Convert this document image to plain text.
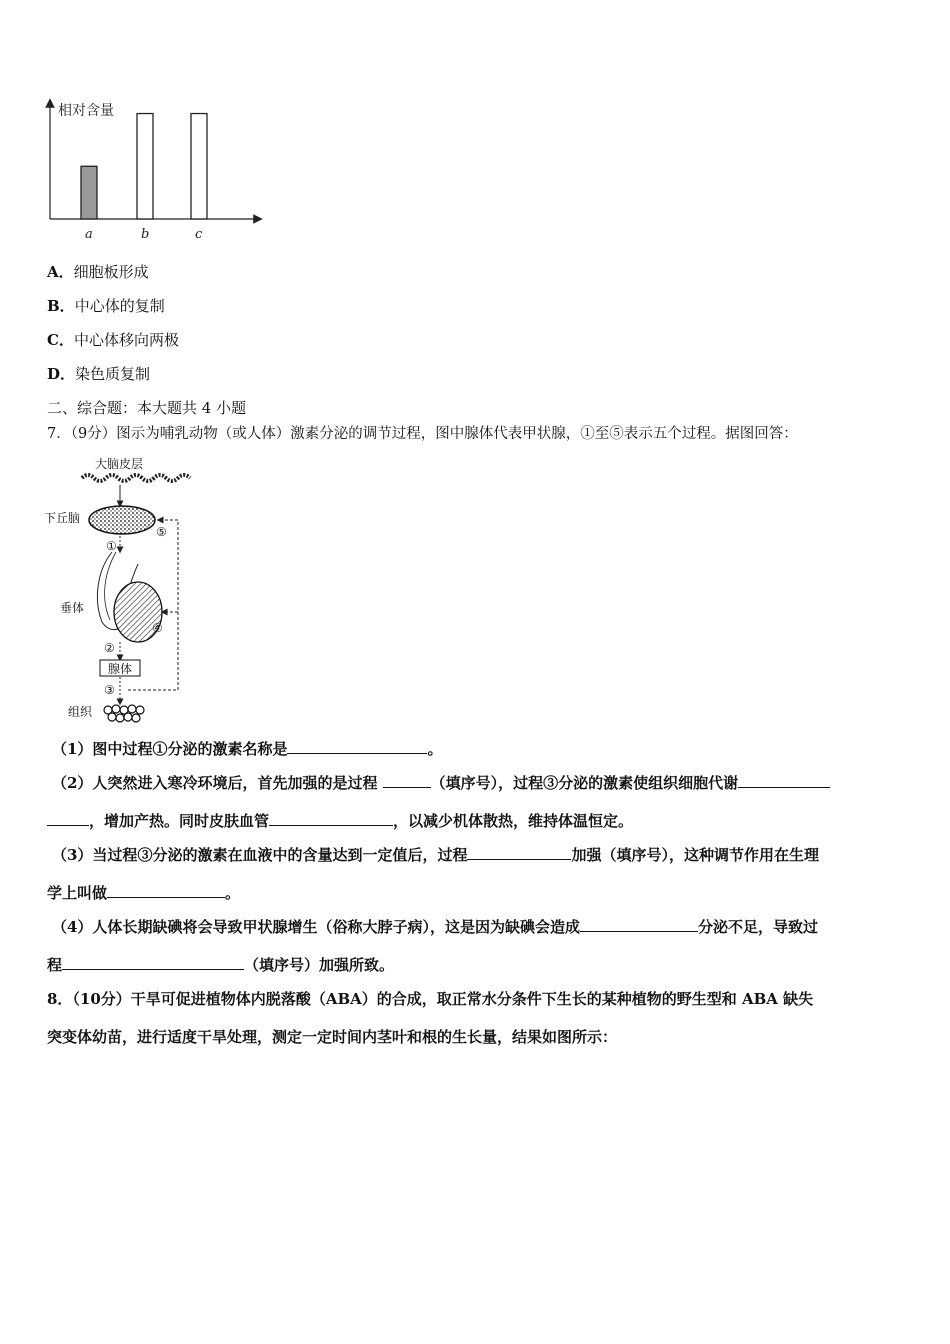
相对含量
a	b	c
A．细胞板形成
B．中心体的复制
C．中心体移向两极
D．染色质复制
二、综合题：本大题共 4 小题
7．（9分）图示为哺乳动物（或人体）激素分泌的调节过程，图中腺体代表甲状腺，①至⑤表示五个过程。据图回答：
大脑皮层
下丘脑
①
垂体
②
腺体
③
组织
⑤
④
（1）图中过程①分泌的激素名称是	。
（2）人突然进入寒冷环境后，首先加强的是过程	（填序号），过程③分泌的激素使组织细胞代谢
，增加产热。同时皮肤血管	，以减少机体散热，维持体温恒定。
（3）当过程③分泌的激素在血液中的含量达到一定值后，过程	加强（填序号），这种调节作用在生理
学上叫做	。
（4）人体长期缺碘将会导致甲状腺增生（俗称大脖子病），这是因为缺碘会造成	分泌不足，导致过
程	（填序号）加强所致。
8．（10分）干旱可促进植物体内脱落酸（ABA）的合成，取正常水分条件下生长的某种植物的野生型和 ABA 缺失
突变体幼苗，进行适度干旱处理，测定一定时间内茎叶和根的生长量，结果如图所示：
